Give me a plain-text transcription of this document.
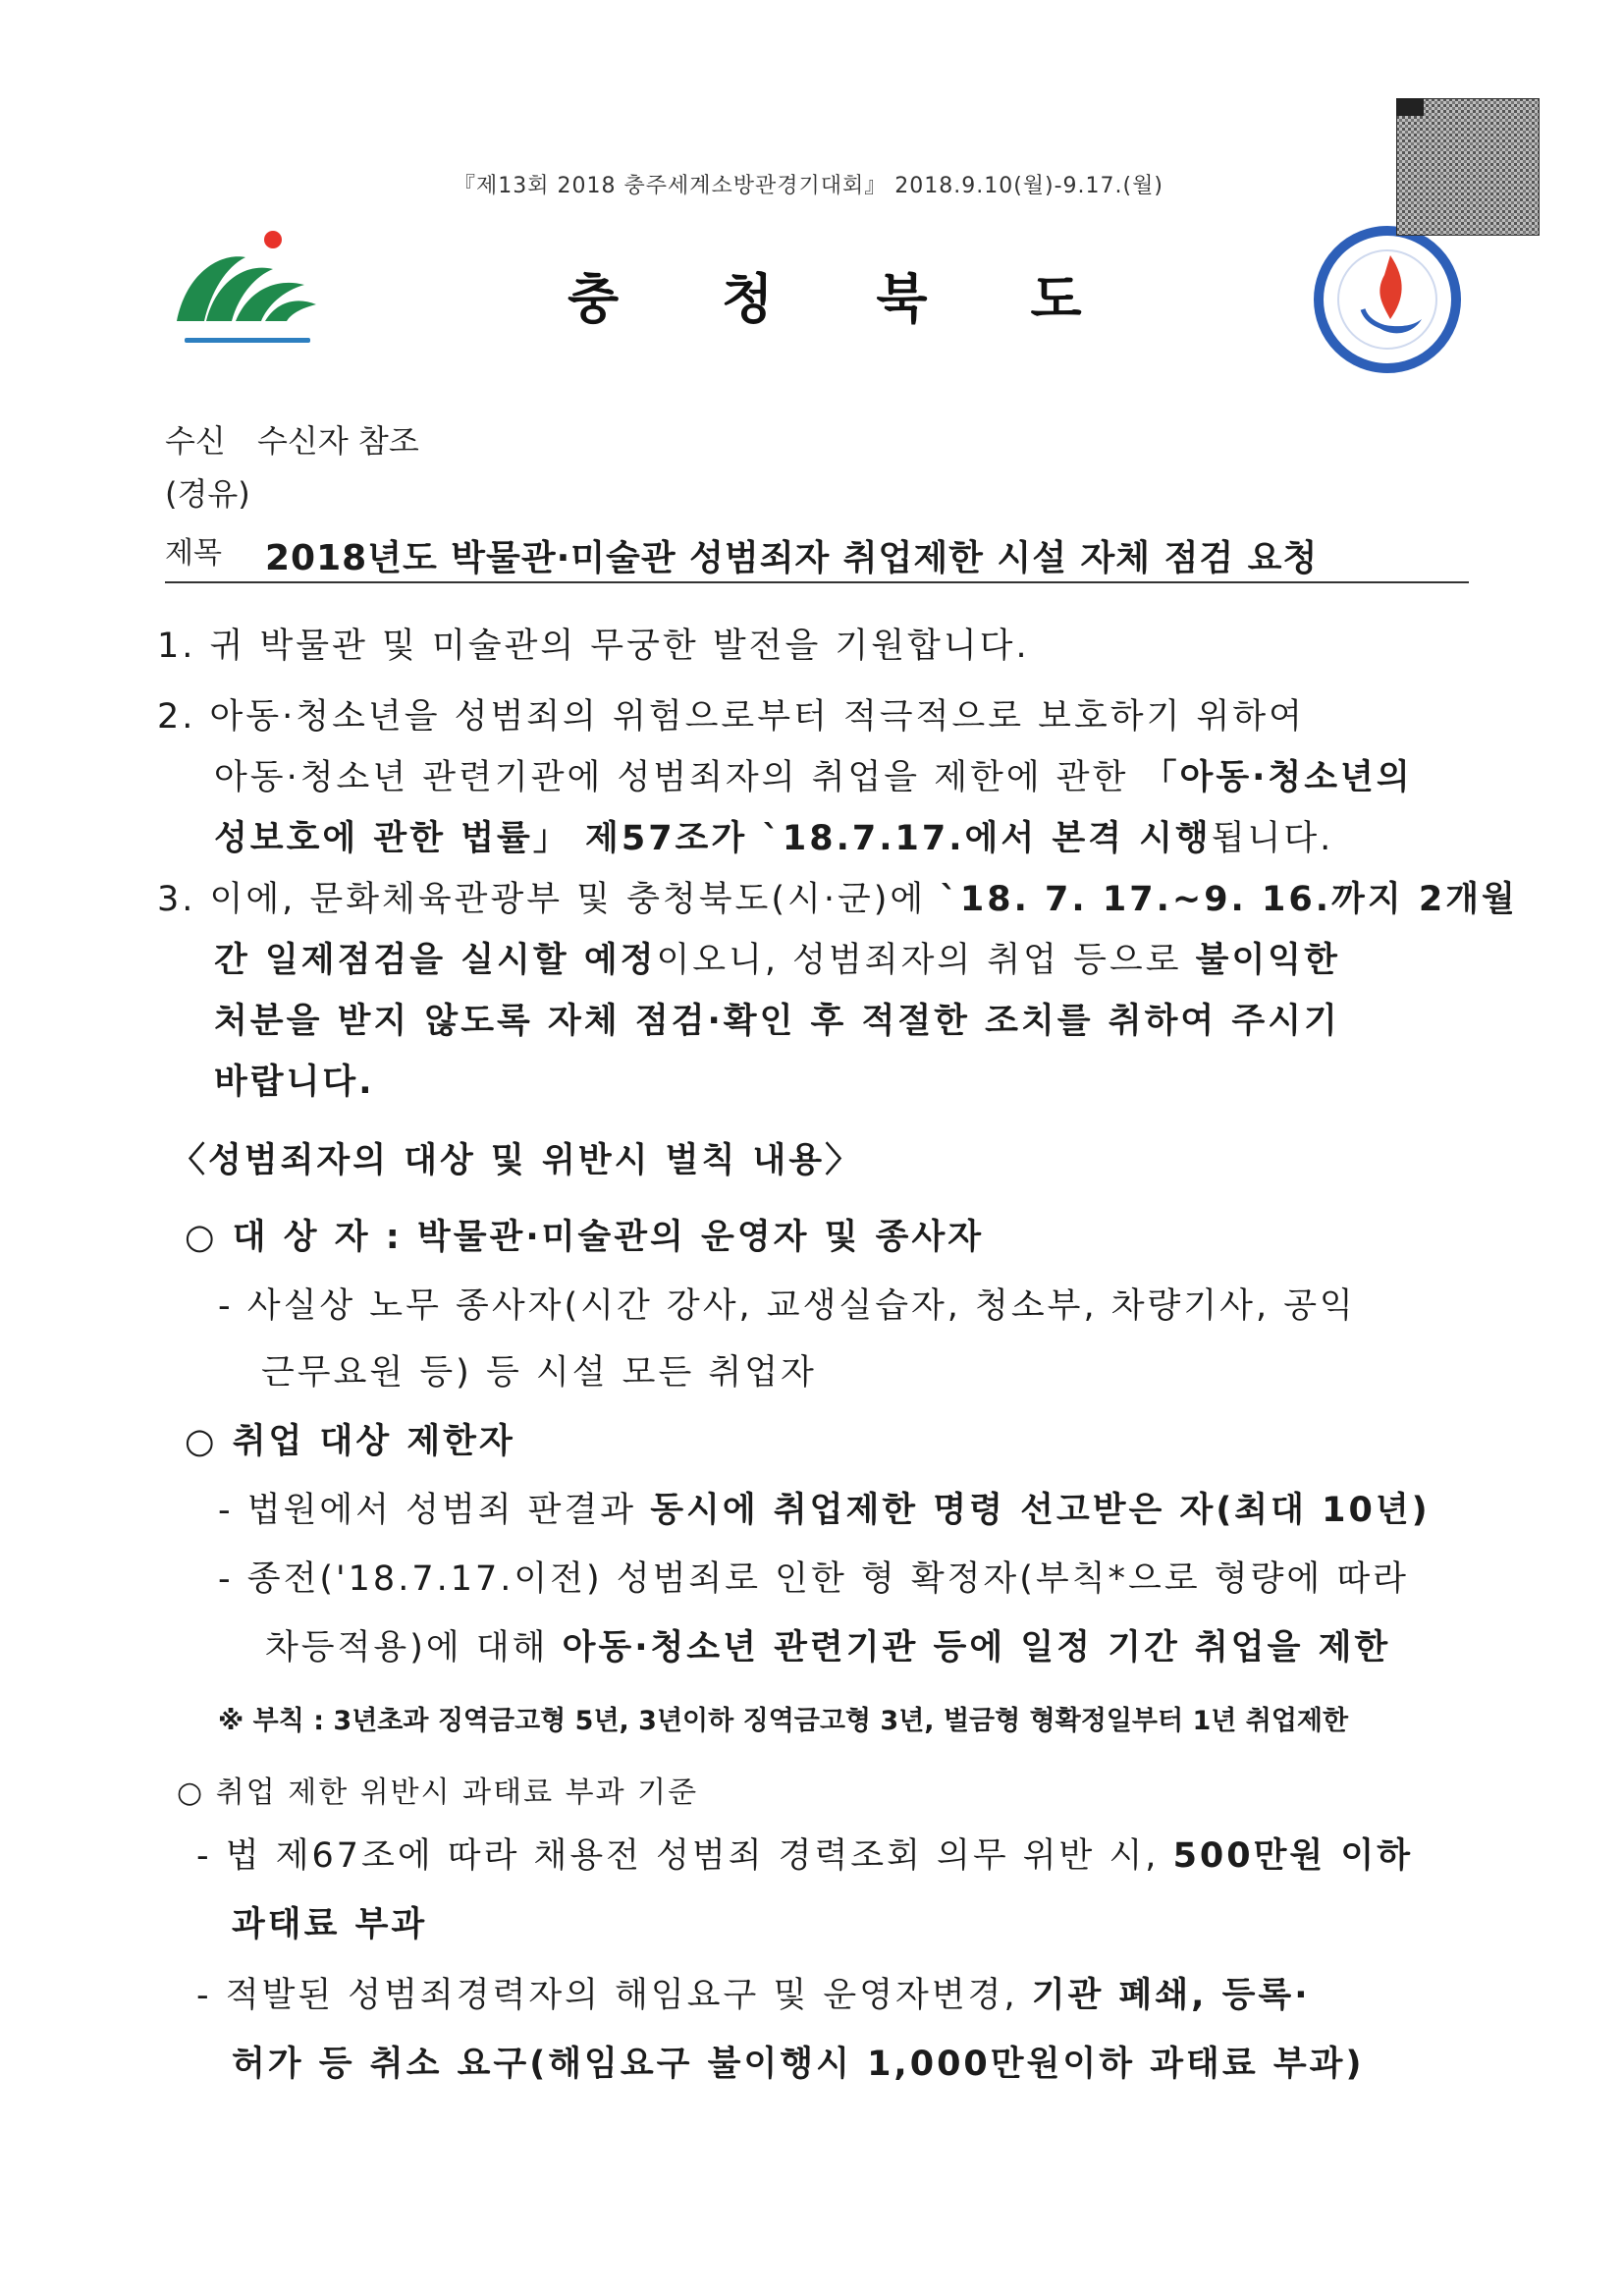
『제13회 2018 충주세계소방관경기대회』 2018.9.10(월)-9.17.(월)
충청북도
수신 수신자 참조
(경유)
제목 2018년도 박물관·미술관 성범죄자 취업제한 시설 자체 점검 요청
1. 귀 박물관 및 미술관의 무궁한 발전을 기원합니다.
2. 아동·청소년을 성범죄의 위험으로부터 적극적으로 보호하기 위하여
아동·청소년 관련기관에 성범죄자의 취업을 제한에 관한 「아동·청소년의
성보호에 관한 법률」 제57조가 `18.7.17.에서 본격 시행됩니다.
3. 이에, 문화체육관광부 및 충청북도(시·군)에 `18. 7. 17.~9. 16.까지 2개월
간 일제점검을 실시할 예정이오니, 성범죄자의 취업 등으로 불이익한
처분을 받지 않도록 자체 점검·확인 후 적절한 조치를 취하여 주시기
바랍니다.
〈성범죄자의 대상 및 위반시 벌칙 내용〉
○ 대 상 자 : 박물관·미술관의 운영자 및 종사자
- 사실상 노무 종사자(시간 강사, 교생실습자, 청소부, 차량기사, 공익
근무요원 등) 등 시설 모든 취업자
○ 취업 대상 제한자
- 법원에서 성범죄 판결과 동시에 취업제한 명령 선고받은 자(최대 10년)
- 종전('18.7.17.이전) 성범죄로 인한 형 확정자(부칙*으로 형량에 따라
차등적용)에 대해 아동·청소년 관련기관 등에 일정 기간 취업을 제한
※ 부칙 : 3년초과 징역금고형 5년, 3년이하 징역금고형 3년, 벌금형 형확정일부터 1년 취업제한
○ 취업 제한 위반시 과태료 부과 기준
- 법 제67조에 따라 채용전 성범죄 경력조회 의무 위반 시, 500만원 이하
과태료 부과
- 적발된 성범죄경력자의 해임요구 및 운영자변경, 기관 폐쇄, 등록·
허가 등 취소 요구(해임요구 불이행시 1,000만원이하 과태료 부과)
